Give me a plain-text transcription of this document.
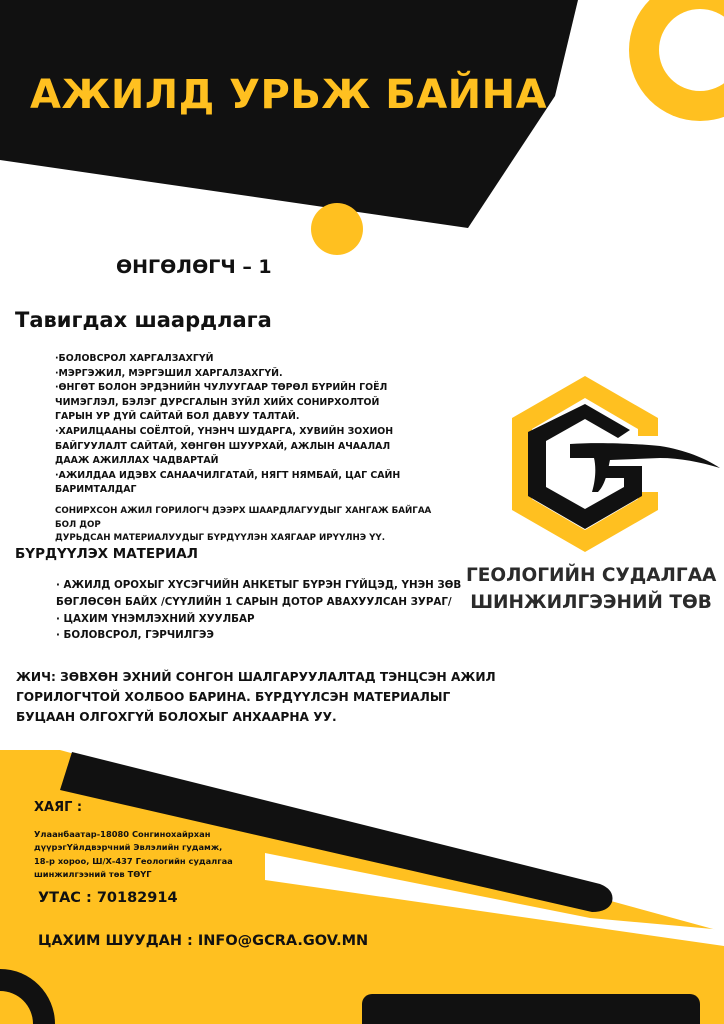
АЖИЛД УРЬЖ БАЙНА
ӨНГӨЛӨГЧ – 1
Тавигдах шаардлага
·БОЛОВСРОЛ ХАРГАЛЗАХГҮЙ
·МЭРГЭЖИЛ, МЭРГЭШИЛ ХАРГАЛЗАХГҮЙ.
·ӨНГӨТ БОЛОН ЭРДЭНИЙН ЧУЛУУГААР ТӨРӨЛ БҮРИЙН ГОЁЛ
ЧИМЭГЛЭЛ, БЭЛЭГ ДУРСГАЛЫН ЗҮЙЛ ХИЙХ СОНИРХОЛТОЙ
ГАРЫН УР ДҮЙ САЙТАЙ БОЛ ДАВУУ ТАЛТАЙ.
·ХАРИЛЦААНЫ СОЁЛТОЙ, ҮНЭНЧ ШУДАРГА, ХУВИЙН ЗОХИОН
БАЙГУУЛАЛТ САЙТАЙ, ХӨНГӨН ШУУРХАЙ, АЖЛЫН АЧААЛАЛ
ДААЖ АЖИЛЛАХ ЧАДВАРТАЙ
·АЖИЛДАА ИДЭВХ САНААЧИЛГАТАЙ, НЯГТ НЯМБАЙ, ЦАГ САЙН
БАРИМТАЛДАГ
СОНИРХСОН АЖИЛ ГОРИЛОГЧ ДЭЭРХ ШААРДЛАГУУДЫГ ХАНГАЖ БАЙГАА БОЛ ДОР
ДУРЬДСАН МАТЕРИАЛУУДЫГ БҮРДҮҮЛЭН ХАЯГААР ИРҮҮЛНЭ ҮҮ.
БҮРДҮҮЛЭХ МАТЕРИАЛ
· АЖИЛД ОРОХЫГ ХҮСЭГЧИЙН АНКЕТЫГ БҮРЭН ГҮЙЦЭД, ҮНЭН ЗӨВ
БӨГЛӨСӨН БАЙХ /СҮҮЛИЙН 1 САРЫН ДОТОР АВАХУУЛСАН ЗУРАГ/
· ЦАХИМ ҮНЭМЛЭХНИЙ ХУУЛБАР
· БОЛОВСРОЛ, ГЭРЧИЛГЭЭ
ЖИЧ: ЗӨВХӨН ЭХНИЙ СОНГОН ШАЛГАРУУЛАЛТАД ТЭНЦСЭН АЖИЛ
ГОРИЛОГЧТОЙ ХОЛБОО БАРИНА. БҮРДҮҮЛСЭН МАТЕРИАЛЫГ
БУЦААН ОЛГОХГҮЙ БОЛОХЫГ АНХААРНА УУ.
ГЕОЛОГИЙН СУДАЛГАА
ШИНЖИЛГЭЭНИЙ ТӨВ
ХАЯГ :
Улаанбаатар-18080 Сонгинохайрхан
дүүрэгҮйлдвэрчний Эвлэлийн гудамж,
18-р хороо, Ш/Х-437 Геологийн судалгаа
шинжилгээний төв ТӨҮГ
УТАС : 70182914
ЦАХИМ ШУУДАН : INFO@GCRA.GOV.MN
